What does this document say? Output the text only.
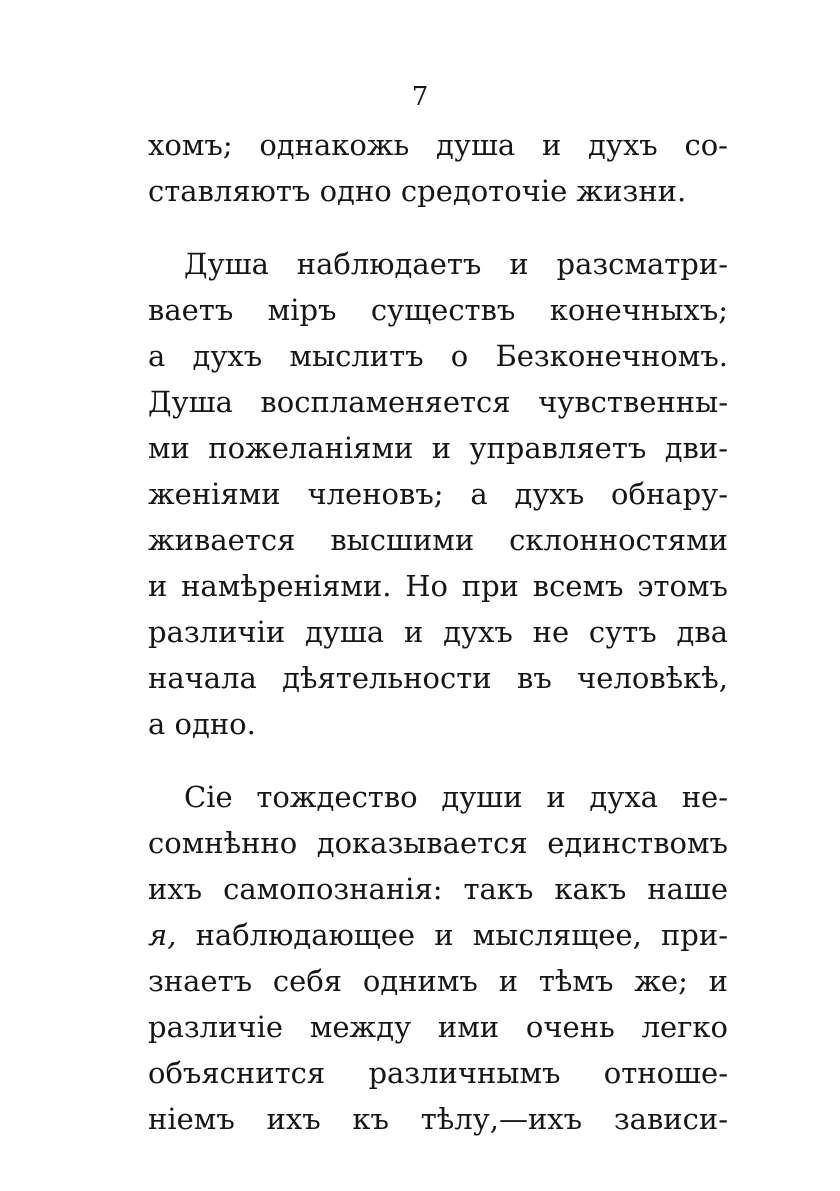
7
хомъ; однакожь душа и духъ со-
ставляютъ одно средоточіе жизни.
Душа наблюдаетъ и разсматри-
ваетъ міръ существъ конечныхъ;
а духъ мыслитъ о Безконечномъ.
Душа воспламеняется чувственны-
ми пожеланіями и управляетъ дви-
женіями членовъ; а духъ обнару-
живается высшими склонностями
и намѣреніями. Но при всемъ этомъ
различіи душа и духъ не сутъ два
начала дѣятельности въ человѣкѣ,
а одно.
Сіе тождество души и духа не-
сомнѣнно доказывается единствомъ
ихъ самопознанія: такъ какъ наше
я, наблюдающее и мыслящее, при-
знаетъ себя однимъ и тѣмъ же; и
различіе между ими очень легко
объяснится различнымъ отноше-
ніемъ ихъ къ тѣлу,—ихъ зависи-
